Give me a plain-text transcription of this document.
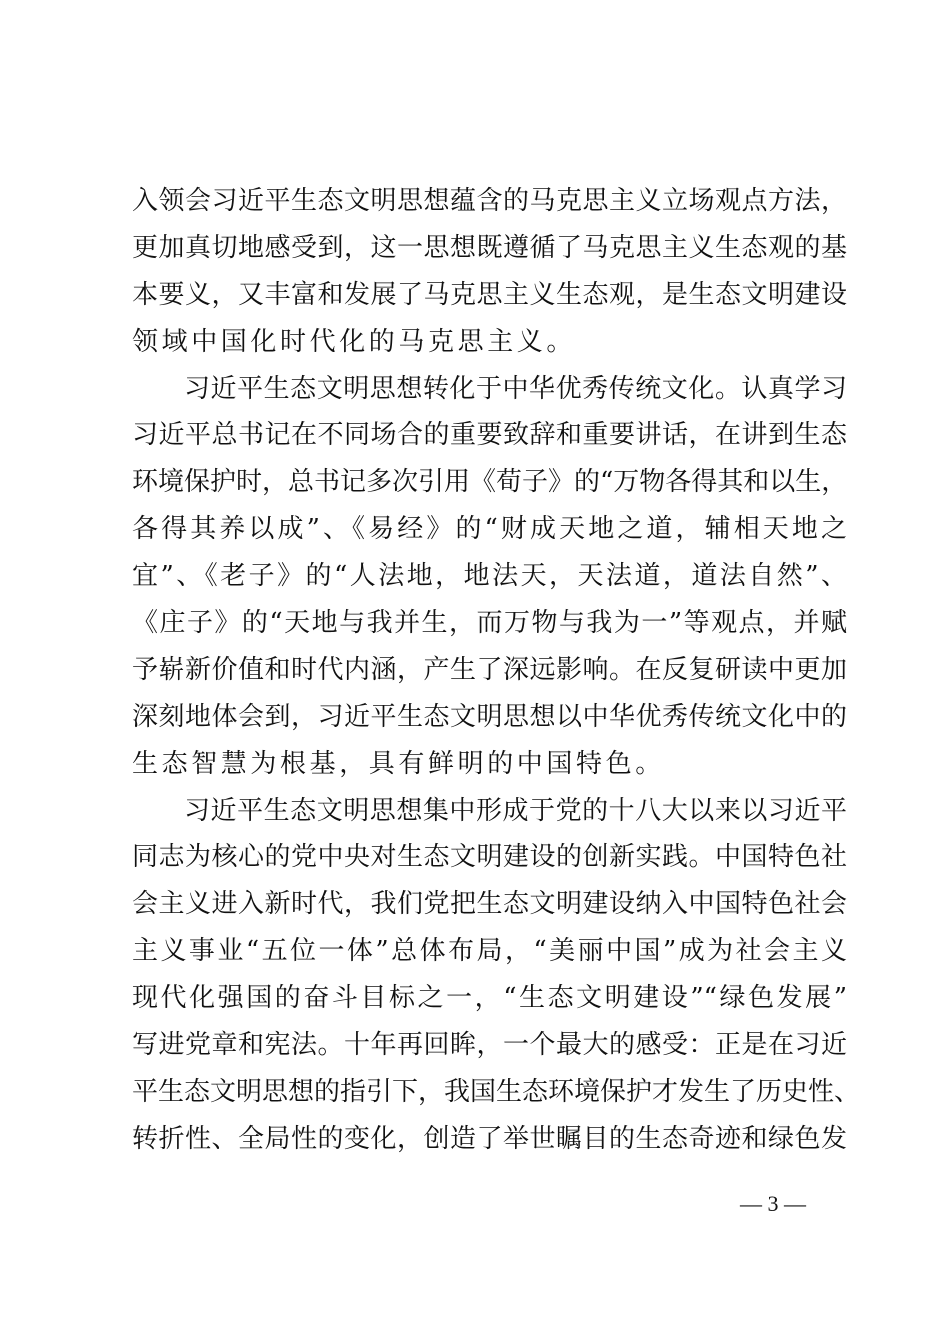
入领会习近平生态文明思想蕴含的马克思主义立场观点方法，
更加真切地感受到，这一思想既遵循了马克思主义生态观的基
本要义，又丰富和发展了马克思主义生态观，是生态文明建设
领域中国化时代化的马克思主义。
习近平生态文明思想转化于中华优秀传统文化。认真学习
习近平总书记在不同场合的重要致辞和重要讲话，在讲到生态
环境保护时，总书记多次引用《荀子》的“万物各得其和以生，
各得其养以成”、《易经》的“财成天地之道，辅相天地之
宜”、《老子》的“人法地，地法天，天法道，道法自然”、
《庄子》的“天地与我并生，而万物与我为一”等观点，并赋
予崭新价值和时代内涵，产生了深远影响。在反复研读中更加
深刻地体会到，习近平生态文明思想以中华优秀传统文化中的
生态智慧为根基，具有鲜明的中国特色。
习近平生态文明思想集中形成于党的十八大以来以习近平
同志为核心的党中央对生态文明建设的创新实践。中国特色社
会主义进入新时代，我们党把生态文明建设纳入中国特色社会
主义事业“五位一体”总体布局，“美丽中国”成为社会主义
现代化强国的奋斗目标之一，“生态文明建设”“绿色发展”
写进党章和宪法。十年再回眸，一个最大的感受：正是在习近
平生态文明思想的指引下，我国生态环境保护才发生了历史性、
转折性、全局性的变化，创造了举世瞩目的生态奇迹和绿色发
— 3 —
